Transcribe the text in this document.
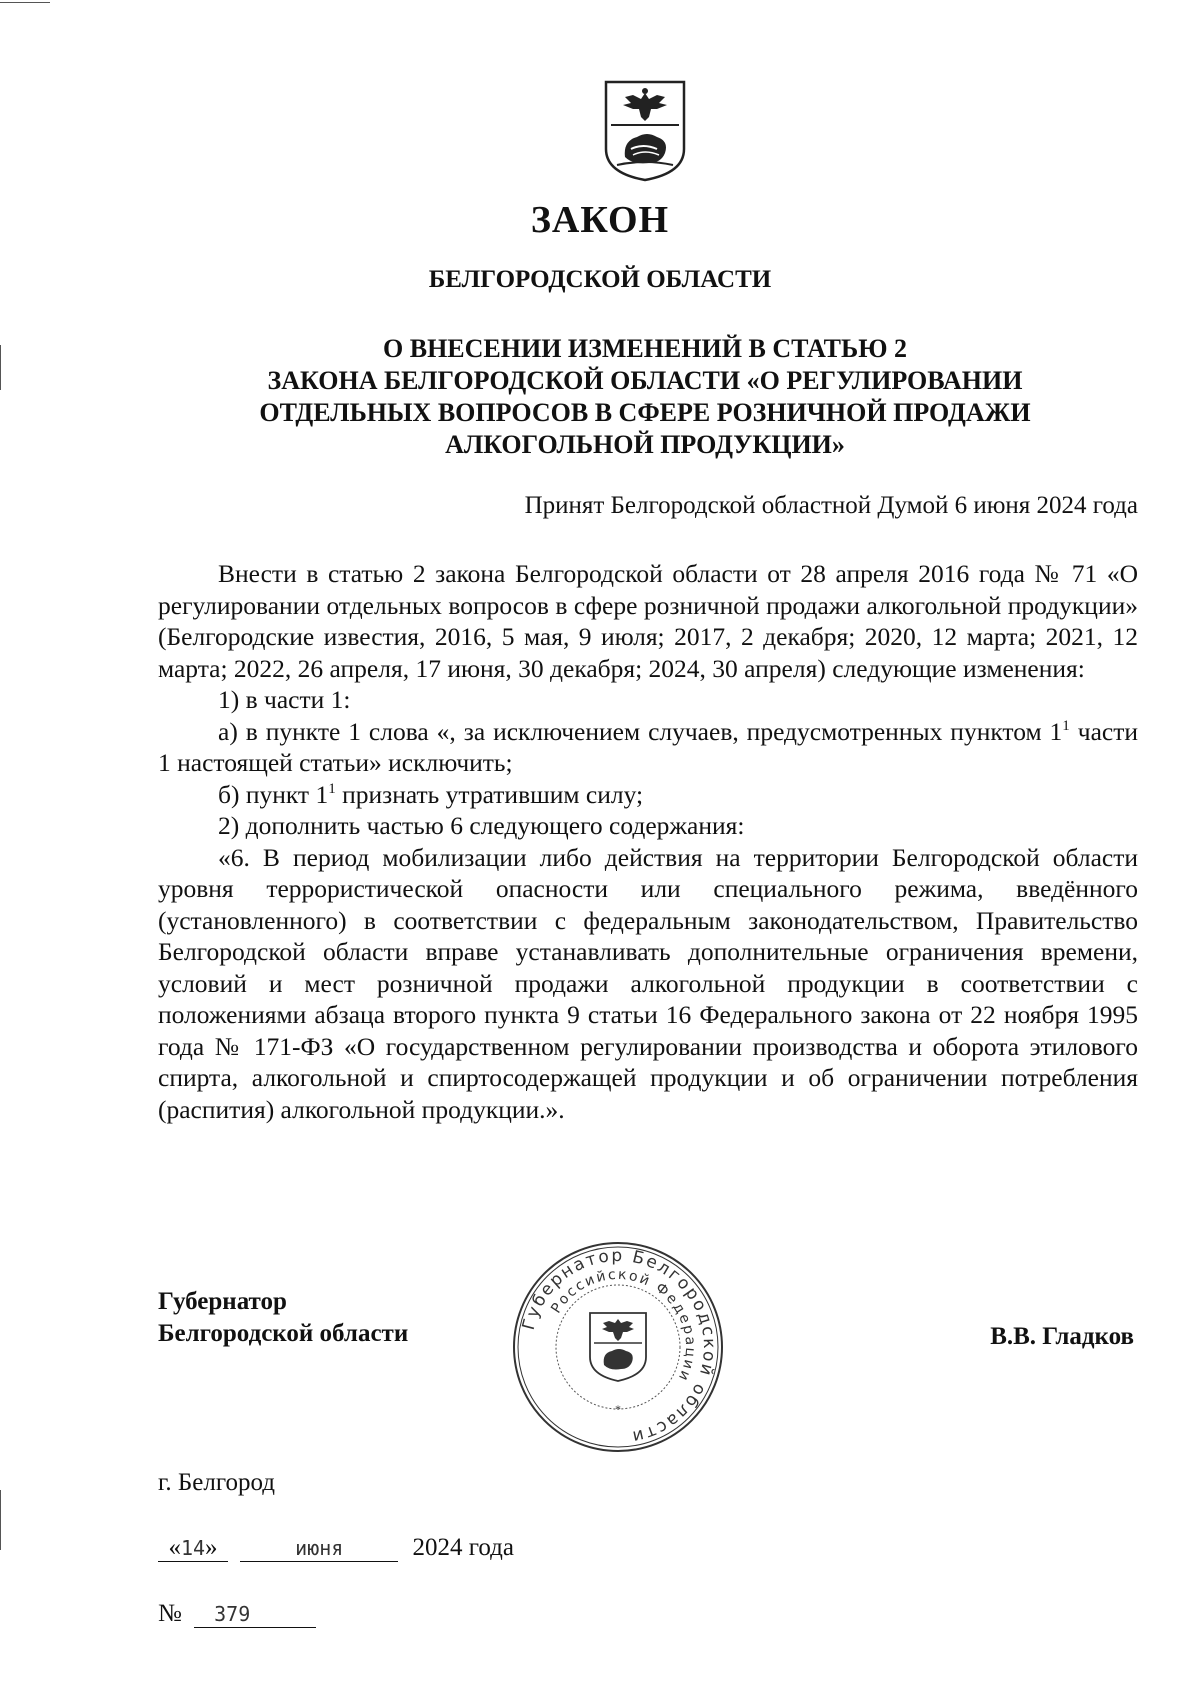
ЗАКОН
БЕЛГОРОДСКОЙ ОБЛАСТИ
О ВНЕСЕНИИ ИЗМЕНЕНИЙ В СТАТЬЮ 2
ЗАКОНА БЕЛГОРОДСКОЙ ОБЛАСТИ «О РЕГУЛИРОВАНИИ
ОТДЕЛЬНЫХ ВОПРОСОВ В СФЕРЕ РОЗНИЧНОЙ ПРОДАЖИ
АЛКОГОЛЬНОЙ ПРОДУКЦИИ»
Принят Белгородской областной Думой 6 июня 2024 года

Внести в статью 2 закона Белгородской области от 28 апреля 2016 года № 71 «О регулировании отдельных вопросов в сфере розничной продажи алкогольной продукции» (Белгородские известия, 2016, 5 мая, 9 июля; 2017, 2 декабря; 2020, 12 марта; 2021, 12 марта; 2022, 26 апреля, 17 июня, 30 декабря; 2024, 30 апреля) следующие изменения:

1) в части 1:

а) в пункте 1 слова «, за исключением случаев, предусмотренных пунктом $1^1$ части 1 настоящей статьи» исключить;

б) пункт $1^1$ признать утратившим силу;

2) дополнить частью 6 следующего содержания:

«6. В период мобилизации либо действия на территории Белгородской области уровня террористической опасности или специального режима, введённого (установленного) в соответствии с федеральным законодательством, Правительство Белгородской области вправе устанавливать дополнительные ограничения времени, условий и мест розничной продажи алкогольной продукции в соответствии с положениями абзаца второго пункта 9 статьи 16 Федерального закона от 22 ноября 1995 года № 171-ФЗ «О государственном регулировании производства и оборота этилового спирта, алкогольной и спиртосодержащей продукции и об ограничении потребления (распития) алкогольной продукции.».

Губернатор
Белгородской области	Губернатор Белгородской области
Российской Федерации
*
В.В. Гладков
г. Белгород
«14»	июня	2024 года
№ 379
